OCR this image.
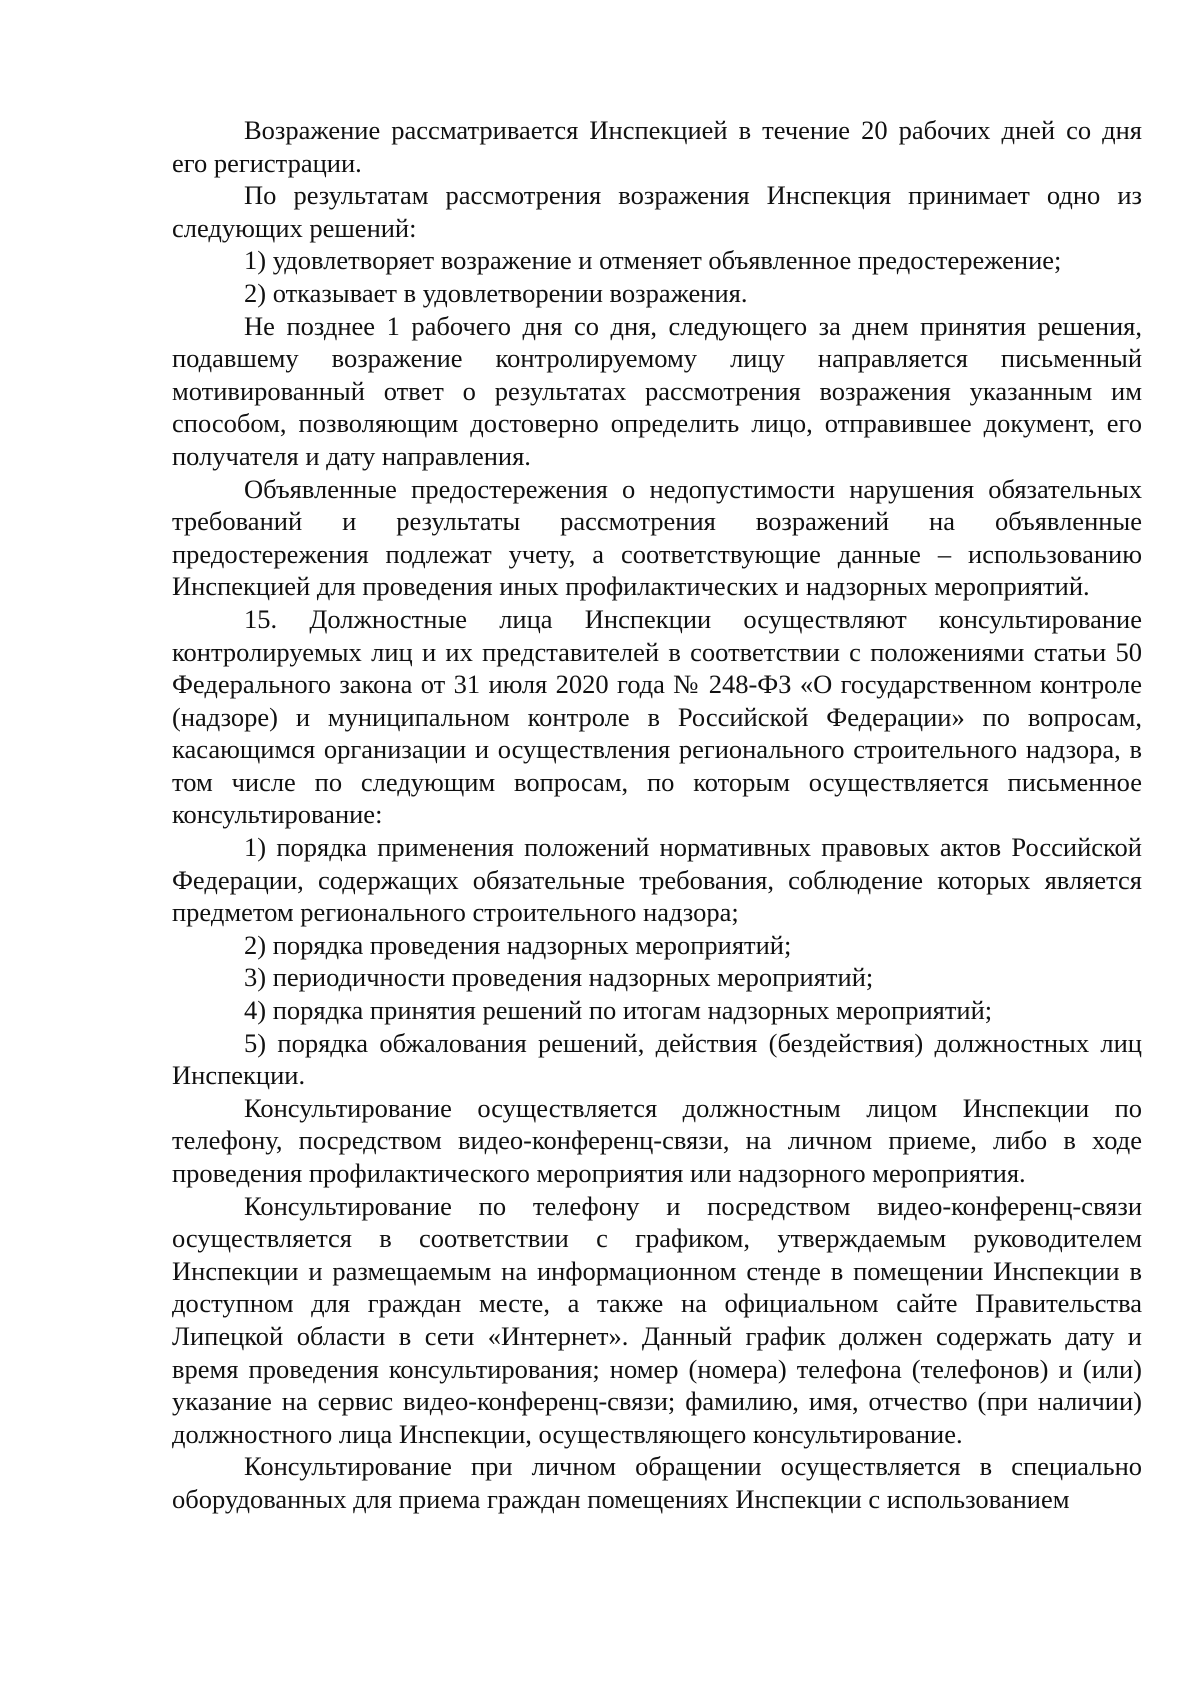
Возражение рассматривается Инспекцией в течение 20 рабочих дней со дня его регистрации.

По результатам рассмотрения возражения Инспекция принимает одно из следующих решений:

1) удовлетворяет возражение и отменяет объявленное предостережение;

2) отказывает в удовлетворении возражения.

Не позднее 1 рабочего дня со дня, следующего за днем принятия решения, подавшему возражение контролируемому лицу направляется письменный мотивированный ответ о результатах рассмотрения возражения указанным им способом, позволяющим достоверно определить лицо, отправившее документ, его получателя и дату направления.

Объявленные предостережения о недопустимости нарушения обязательных требований и результаты рассмотрения возражений на объявленные предостережения подлежат учету, а соответствующие данные – использованию Инспекцией для проведения иных профилактических и надзорных мероприятий.

15. Должностные лица Инспекции осуществляют консультирование контролируемых лиц и их представителей в соответствии с положениями статьи 50 Федерального закона от 31 июля 2020 года № 248-ФЗ «О государственном контроле (надзоре) и муниципальном контроле в Российской Федерации» по вопросам, касающимся организации и осуществления регионального строительного надзора, в том числе по следующим вопросам, по которым осуществляется письменное консультирование:

1) порядка применения положений нормативных правовых актов Российской Федерации, содержащих обязательные требования, соблюдение которых является предметом регионального строительного надзора;

2) порядка проведения надзорных мероприятий;

3) периодичности проведения надзорных мероприятий;

4) порядка принятия решений по итогам надзорных мероприятий;

5) порядка обжалования решений, действия (бездействия) должностных лиц Инспекции.

Консультирование осуществляется должностным лицом Инспекции по телефону, посредством видео-конференц-связи, на личном приеме, либо в ходе проведения профилактического мероприятия или надзорного мероприятия.

Консультирование по телефону и посредством видео-конференц-связи осуществляется в соответствии с графиком, утверждаемым руководителем Инспекции и размещаемым на информационном стенде в помещении Инспекции в доступном для граждан месте, а также на официальном сайте Правительства Липецкой области в сети «Интернет». Данный график должен содержать дату и время проведения консультирования; номер (номера) телефона (телефонов) и (или) указание на сервис видео-конференц-связи; фамилию, имя, отчество (при наличии) должностного лица Инспекции, осуществляющего консультирование.

Консультирование при личном обращении осуществляется в специально оборудованных для приема граждан помещениях Инспекции с использованием
